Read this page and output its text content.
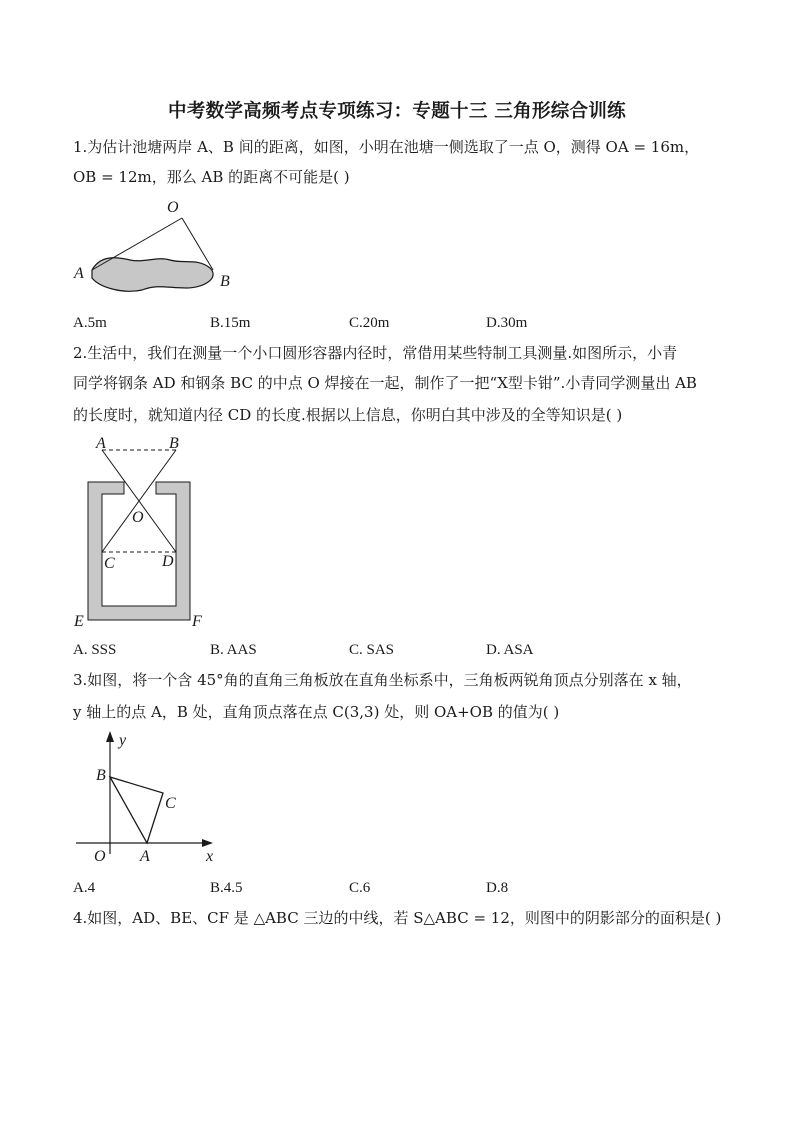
中考数学高频考点专项练习：专题十三 三角形综合训练
1.为估计池塘两岸 A、B 间的距离，如图，小明在池塘一侧选取了一点 O，测得 OA = 16m，
OB = 12m，那么 AB 的距离不可能是( )
O
A	B
A.5m	B.15m	C.20m	D.30m
2.生活中，我们在测量一个小口圆形容器内径时，常借用某些特制工具测量.如图所示，小青
同学将钢条 AD 和钢条 BC 的中点 O 焊接在一起，制作了一把“X型卡钳”.小青同学测量出 AB
的长度时，就知道内径 CD 的长度.根据以上信息，你明白其中涉及的全等知识是( )
A	B
O
C	D
E	F
A. SSS	B. AAS	C. SAS	D. ASA
3.如图，将一个含 45°角的直角三角板放在直角坐标系中，三角板两锐角顶点分别落在 x 轴，
y 轴上的点 A，B 处，直角顶点落在点 C(3,3) 处，则 OA+OB 的值为( )
y
x
O A
B
C
A.4	B.4.5	C.6	D.8
4.如图，AD、BE、CF 是 △ABC 三边的中线，若 S△ABC = 12，则图中的阴影部分的面积是( )
